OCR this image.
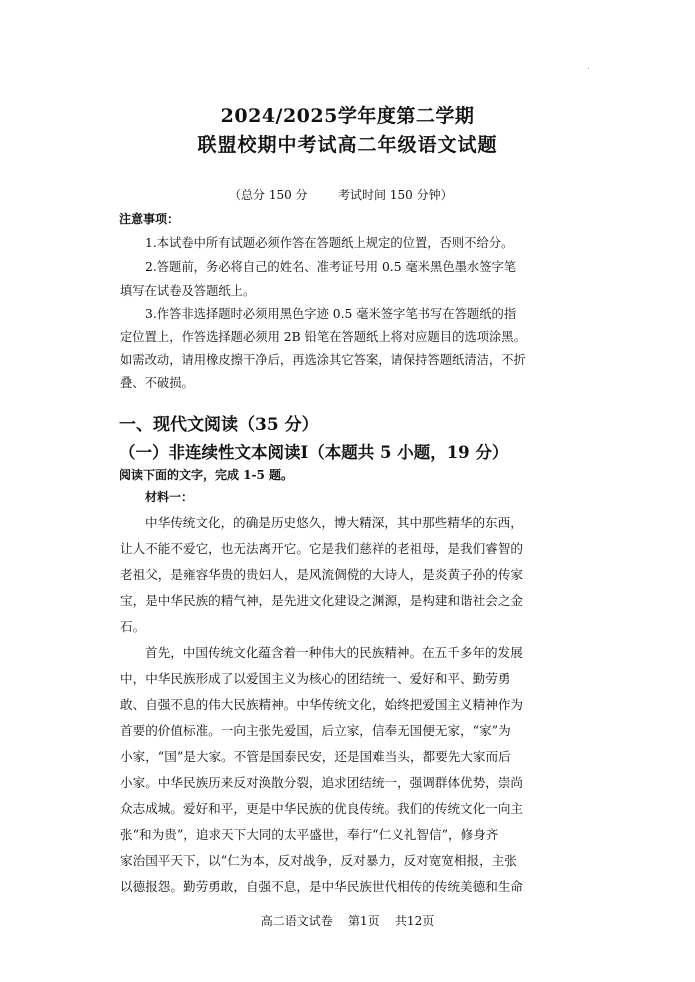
2024/2025学年度第二学期
联盟校期中考试高二年级语文试题
（总分 150 分        考试时间 150 分钟）
注意事项：
1.本试卷中所有试题必须作答在答题纸上规定的位置，否则不给分。
2.答题前，务必将自己的姓名、准考证号用 0.5 毫米黑色墨水签字笔
填写在试卷及答题纸上。
3.作答非选择题时必须用黑色字迹 0.5 毫米签字笔书写在答题纸的指
定位置上，作答选择题必须用 2B 铅笔在答题纸上将对应题目的选项涂黑。
如需改动，请用橡皮擦干净后，再选涂其它答案，请保持答题纸清洁，不折
叠、不破损。
一、现代文阅读（35 分）
（一）非连续性文本阅读Ⅰ（本题共 5 小题，19 分）
阅读下面的文字，完成 1-5 题。
材料一：
中华传统文化，的确是历史悠久，博大精深，其中那些精华的东西，
让人不能不爱它，也无法离开它。它是我们慈祥的老祖母，是我们睿智的
老祖父，是雍容华贵的贵妇人，是风流倜傥的大诗人，是炎黄子孙的传家
宝，是中华民族的精气神，是先进文化建设之渊源，是构建和谐社会之金
石。
首先，中国传统文化蕴含着一种伟大的民族精神。在五千多年的发展
中，中华民族形成了以爱国主义为核心的团结统一、爱好和平、勤劳勇
敢、自强不息的伟大民族精神。中华传统文化，始终把爱国主义精神作为
首要的价值标准。一向主张先爱国，后立家，信奉无国便无家，“家”为
小家，“国”是大家。不管是国泰民安，还是国难当头，都要先大家而后
小家。中华民族历来反对涣散分裂，追求团结统一，强调群体优势，崇尚
众志成城。爱好和平，更是中华民族的优良传统。我们的传统文化一向主
张“和为贵”，追求天下大同的太平盛世，奉行“仁义礼智信”，修身齐
家治国平天下，以“仁为本，反对战争，反对暴力，反对宽宽相报，主张
以德报怨。勤劳勇敢，自强不息，是中华民族世代相传的传统美德和生命
高二语文试卷    第1页    共12页
